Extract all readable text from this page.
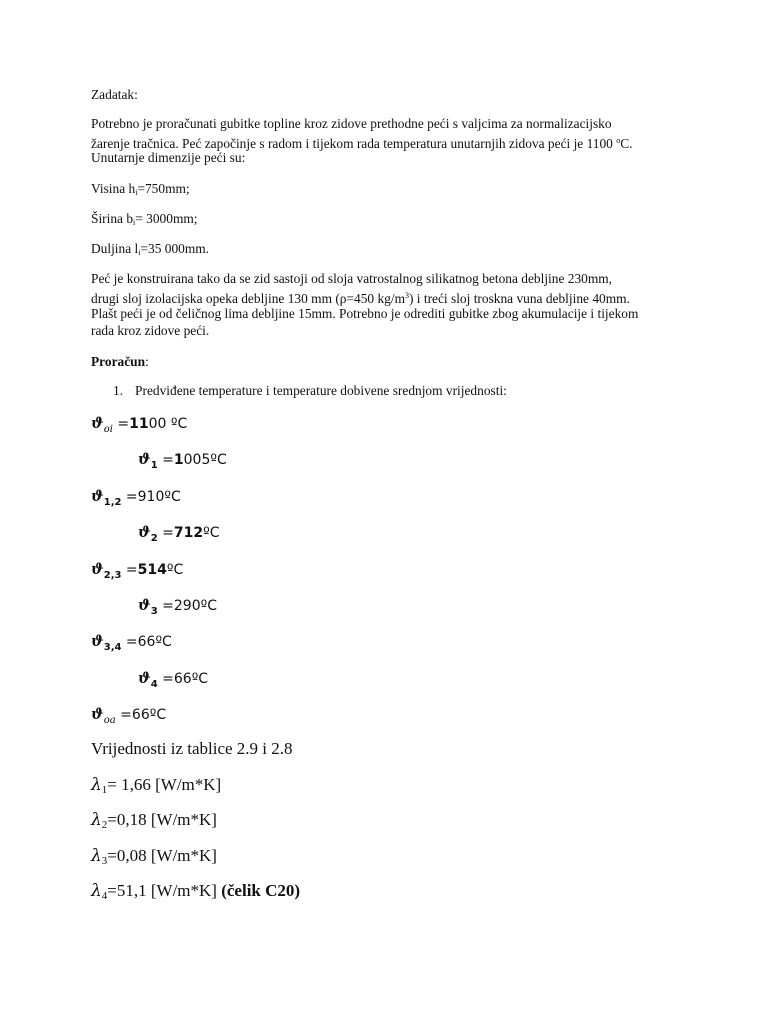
Zadatak:
Potrebno je proračunati gubitke topline kroz zidove prethodne peći s valjcima za normalizacijsko
žarenje tračnica. Peć započinje s radom i tijekom rada temperatura unutarnjih zidova peći je 1100 $^o$C.
Unutarnje dimenzije peći su:
Visina $h_i=750mm$;
Širina $b_i= 3000mm$;
Duljina $l_i=35$ 000mm.
Peć je konstruirana tako da se zid sastoji od sloja vatrostalnog silikatnog betona debljine 230mm,
drugi sloj izolacijska opeka debljine 130 mm (ρ=450 $kg/m^3$) i treći sloj troskna vuna debljine 40mm.
Plašt peći je od čeličnog lima debljine 15mm. Potrebno je odrediti gubitke zbog akumulacije i tijekom
rada kroz zidove peći.
Proračun:
1. Predviđene temperature i temperature dobivene srednjom vrijednosti:
$ϑ_{oi} =1100$ ºC
$ϑ_1$ =1005ºC
$ϑ_{1,2}$ =910ºC
$ϑ_2$ =712ºC
$ϑ_{2,3}$ =514ºC
$ϑ_3$ =290ºC
$ϑ_{3,4}$ =66ºC
$ϑ_4$ =66ºC
$ϑ_{oa}$ =66ºC
Vrijednosti iz tablice 2.9 i 2.8
λ1= 1,66 [W/m*K]
λ2=0,18 [W/m*K]
λ3=0,08 [W/m*K]
λ4=51,1 [W/m*K] (čelik C20)
